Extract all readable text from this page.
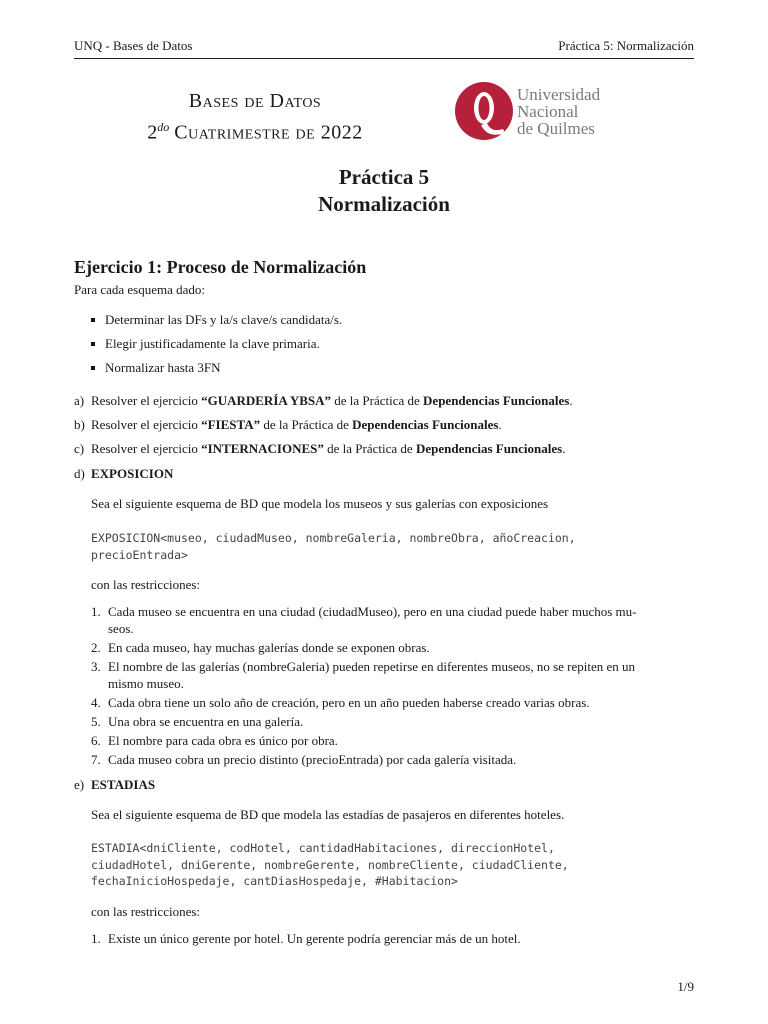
UNQ - Bases de Datos	Práctica 5: Normalización
Bases de Datos
$2^{do}$ Cuatrimestre de 2022
Universidad
Nacional
de Quilmes
Práctica 5
Normalización
Ejercicio 1: Proceso de Normalización
Para cada esquema dado:
Determinar las DFs y la/s clave/s candidata/s.
Elegir justificadamente la clave primaria.
Normalizar hasta 3FN
a) Resolver el ejercicio “GUARDERÍA YBSA” de la Práctica de Dependencias Funcionales.
b) Resolver el ejercicio “FIESTA” de la Práctica de Dependencias Funcionales.
c) Resolver el ejercicio “INTERNACIONES” de la Práctica de Dependencias Funcionales.
d) EXPOSICION
Sea el siguiente esquema de BD que modela los museos y sus galerías con exposiciones
EXPOSICION<museo, ciudadMuseo, nombreGaleria, nombreObra, añoCreacion,
precioEntrada>
con las restricciones:
1. Cada museo se encuentra en una ciudad (ciudadMuseo), pero en una ciudad puede haber muchos mu-
seos.
2. En cada museo, hay muchas galerías donde se exponen obras.
3. El nombre de las galerías (nombreGaleria) pueden repetirse en diferentes museos, no se repiten en un
mismo museo.
4. Cada obra tiene un solo año de creación, pero en un año pueden haberse creado varias obras.
5. Una obra se encuentra en una galería.
6. El nombre para cada obra es único por obra.
7. Cada museo cobra un precio distinto (precioEntrada) por cada galería visitada.
e) ESTADIAS
Sea el siguiente esquema de BD que modela las estadías de pasajeros en diferentes hoteles.
ESTADIA<dniCliente, codHotel, cantidadHabitaciones, direccionHotel,
ciudadHotel, dniGerente, nombreGerente, nombreCliente, ciudadCliente,
fechaInicioHospedaje, cantDiasHospedaje, #Habitacion>
con las restricciones:
1. Existe un único gerente por hotel. Un gerente podría gerenciar más de un hotel.
1/9
